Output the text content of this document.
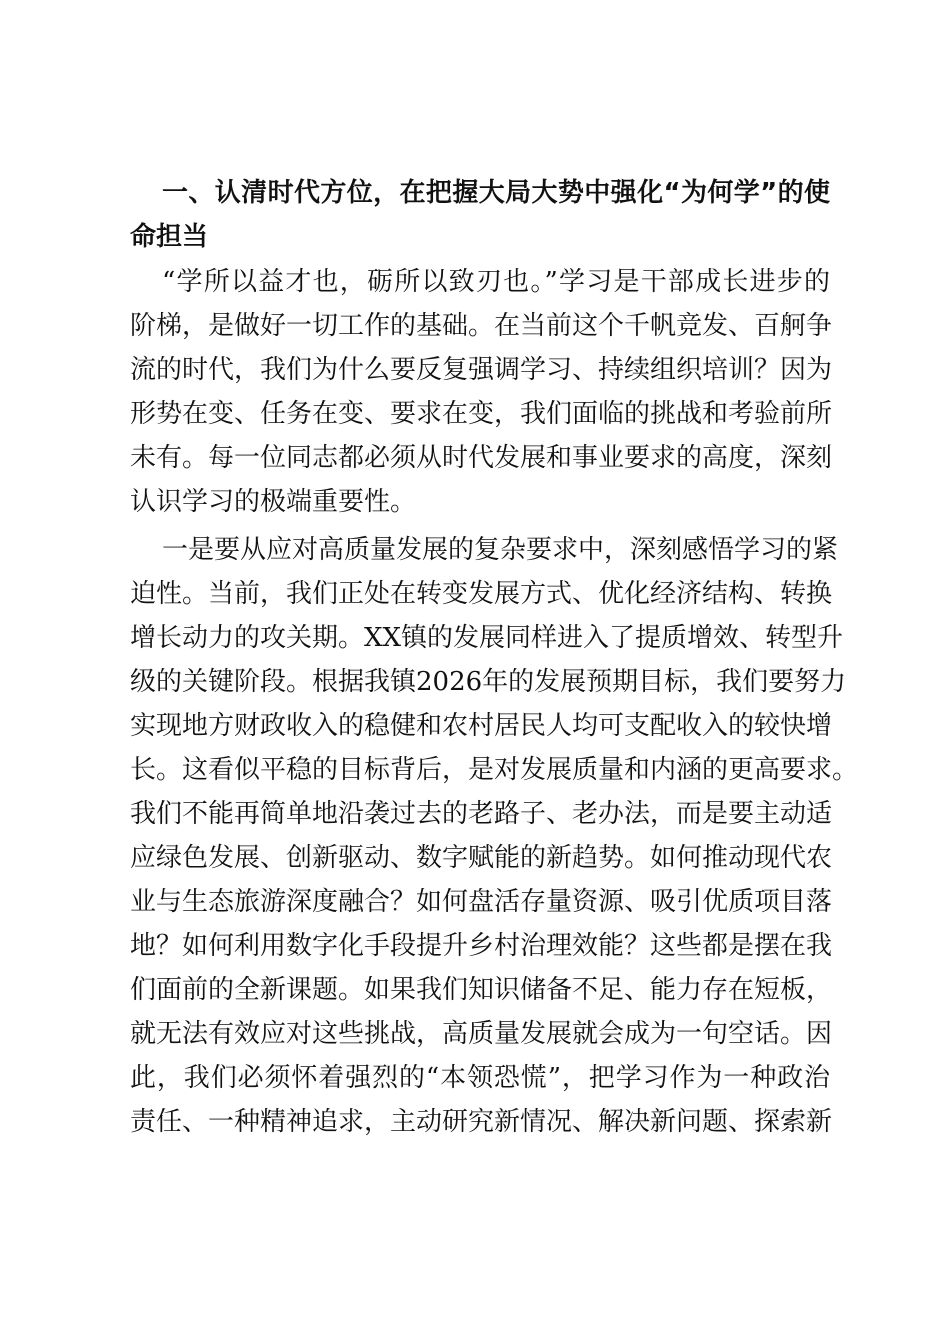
一、认清时代方位，在把握大局大势中强化“为何学”的使
命担当
“学所以益才也，砺所以致刃也。”学习是干部成长进步的
阶梯，是做好一切工作的基础。在当前这个千帆竞发、百舸争
流的时代，我们为什么要反复强调学习、持续组织培训？因为
形势在变、任务在变、要求在变，我们面临的挑战和考验前所
未有。每一位同志都必须从时代发展和事业要求的高度，深刻
认识学习的极端重要性。
一是要从应对高质量发展的复杂要求中，深刻感悟学习的紧
迫性。当前，我们正处在转变发展方式、优化经济结构、转换
增长动力的攻关期。XX镇的发展同样进入了提质增效、转型升
级的关键阶段。根据我镇2026年的发展预期目标，我们要努力
实现地方财政收入的稳健和农村居民人均可支配收入的较快增
长。这看似平稳的目标背后，是对发展质量和内涵的更高要求。
我们不能再简单地沿袭过去的老路子、老办法，而是要主动适
应绿色发展、创新驱动、数字赋能的新趋势。如何推动现代农
业与生态旅游深度融合？如何盘活存量资源、吸引优质项目落
地？如何利用数字化手段提升乡村治理效能？这些都是摆在我
们面前的全新课题。如果我们知识储备不足、能力存在短板，
就无法有效应对这些挑战，高质量发展就会成为一句空话。因
此，我们必须怀着强烈的“本领恐慌”，把学习作为一种政治
责任、一种精神追求，主动研究新情况、解决新问题、探索新
